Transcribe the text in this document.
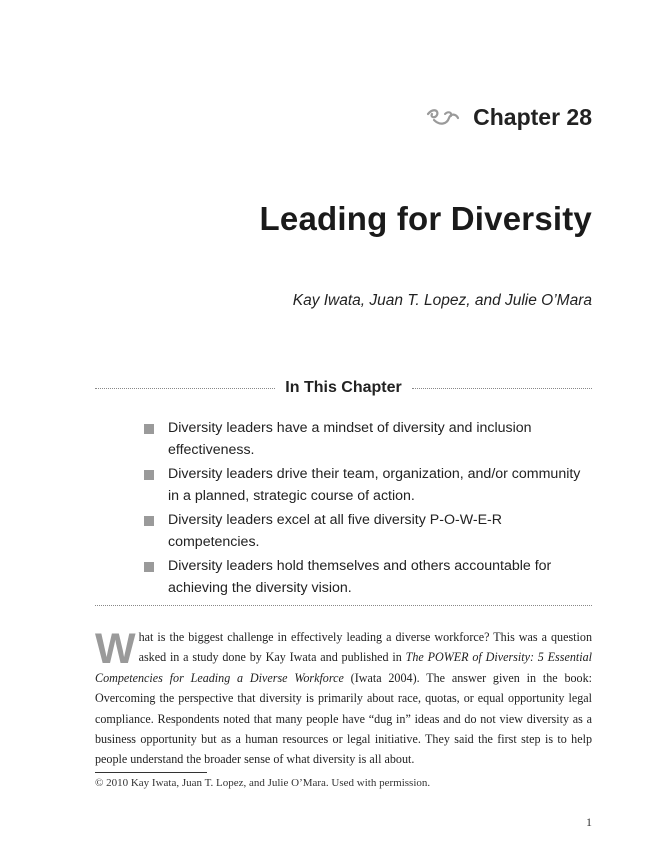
Chapter 28
Leading for Diversity
Kay Iwata, Juan T. Lopez, and Julie O’Mara
In This Chapter
Diversity leaders have a mindset of diversity and inclusion effectiveness.
Diversity leaders drive their team, organization, and/or community in a planned, strategic course of action.
Diversity leaders excel at all five diversity P-O-W-E-R competencies.
Diversity leaders hold themselves and others accountable for achieving the diversity vision.

What is the biggest challenge in effectively leading a diverse workforce? This was a question asked in a study done by Kay Iwata and published in The POWER of Diversity: 5 Essential Competencies for Leading a Diverse Workforce (Iwata 2004). The answer given in the book: Overcoming the perspective that diversity is primarily about race, quotas, or equal opportunity legal compliance. Respondents noted that many people have “dug in” ideas and do not view diversity as a business opportunity but as a human resources or legal initiative. They said the first step is to help people understand the broader sense of what diversity is all about.

© 2010 Kay Iwata, Juan T. Lopez, and Julie O’Mara. Used with permission.
1
